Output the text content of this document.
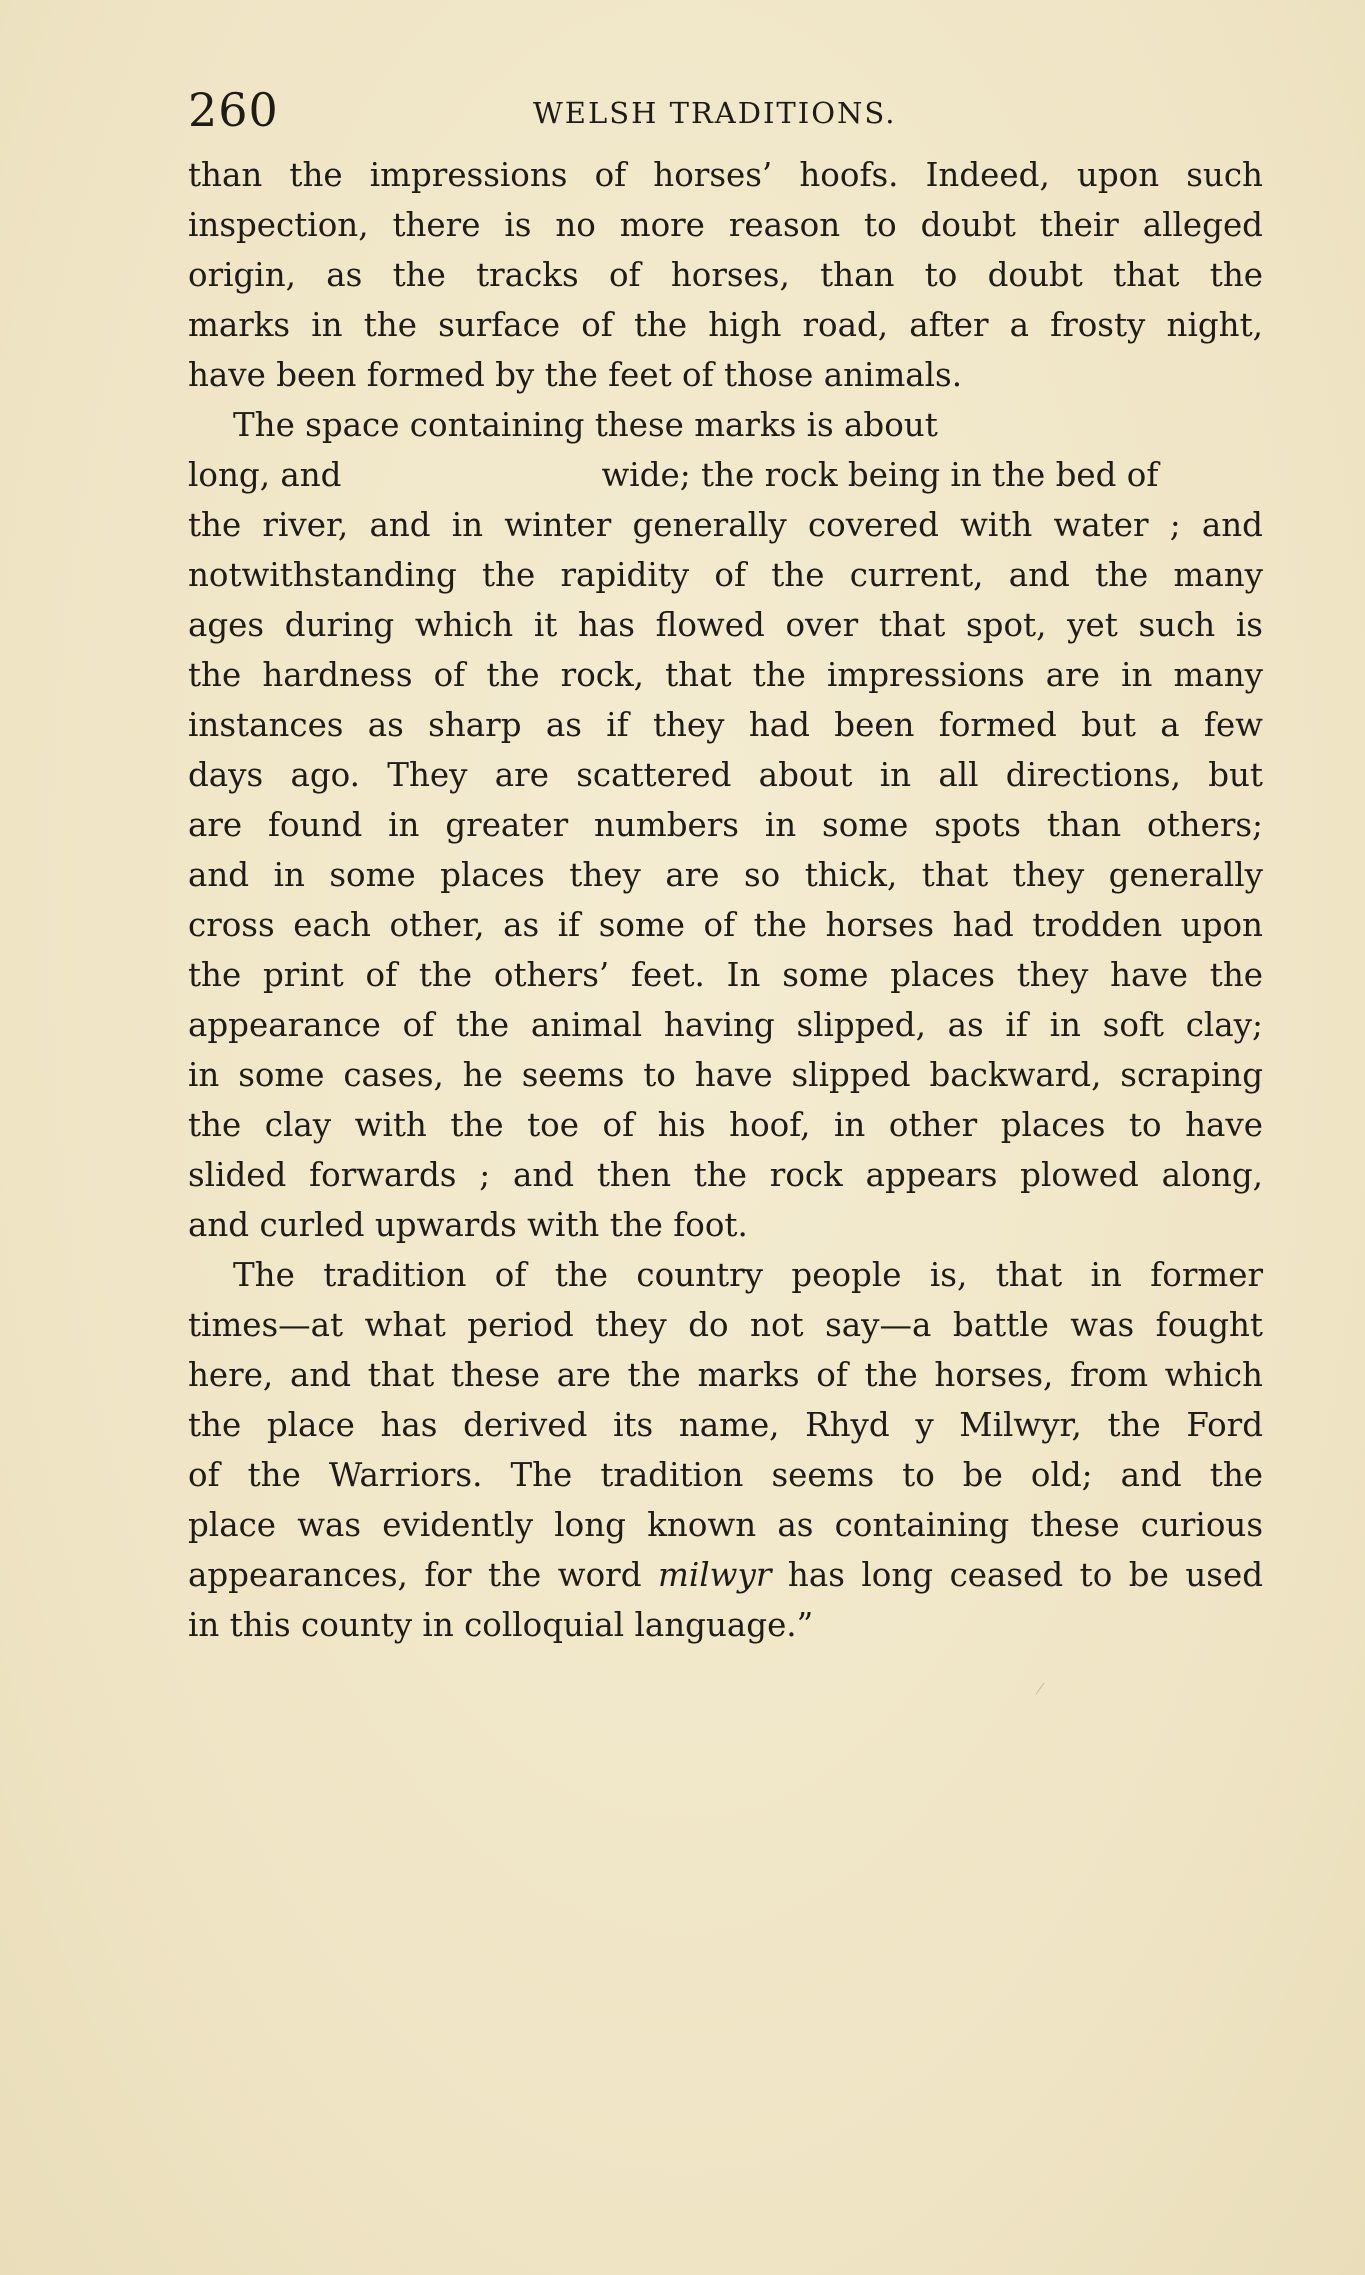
260	WELSH TRADITIONS.
than the impressions of horses’ hoofs. Indeed, upon such
inspection, there is no more reason to doubt their alleged
origin, as the tracks of horses, than to doubt that the
marks in the surface of the high road, after a frosty night,
have been formed by the feet of those animals.
The space containing these marks is about
long, and	wide; the rock being in the bed of
the river, and in winter generally covered with water ; and
notwithstanding the rapidity of the current, and the many
ages during which it has flowed over that spot, yet such is
the hardness of the rock, that the impressions are in many
instances as sharp as if they had been formed but a few
days ago. They are scattered about in all directions, but
are found in greater numbers in some spots than others;
and in some places they are so thick, that they generally
cross each other, as if some of the horses had trodden upon
the print of the others’ feet. In some places they have the
appearance of the animal having slipped, as if in soft clay;
in some cases, he seems to have slipped backward, scraping
the clay with the toe of his hoof, in other places to have
slided forwards ; and then the rock appears plowed along,
and curled upwards with the foot.
The tradition of the country people is, that in former
times—at what period they do not say—a battle was fought
here, and that these are the marks of the horses, from which
the place has derived its name, Rhyd y Milwyr, the Ford
of the Warriors. The tradition seems to be old; and the
place was evidently long known as containing these curious
appearances, for the word milwyr has long ceased to be used
in this county in colloquial language.”
